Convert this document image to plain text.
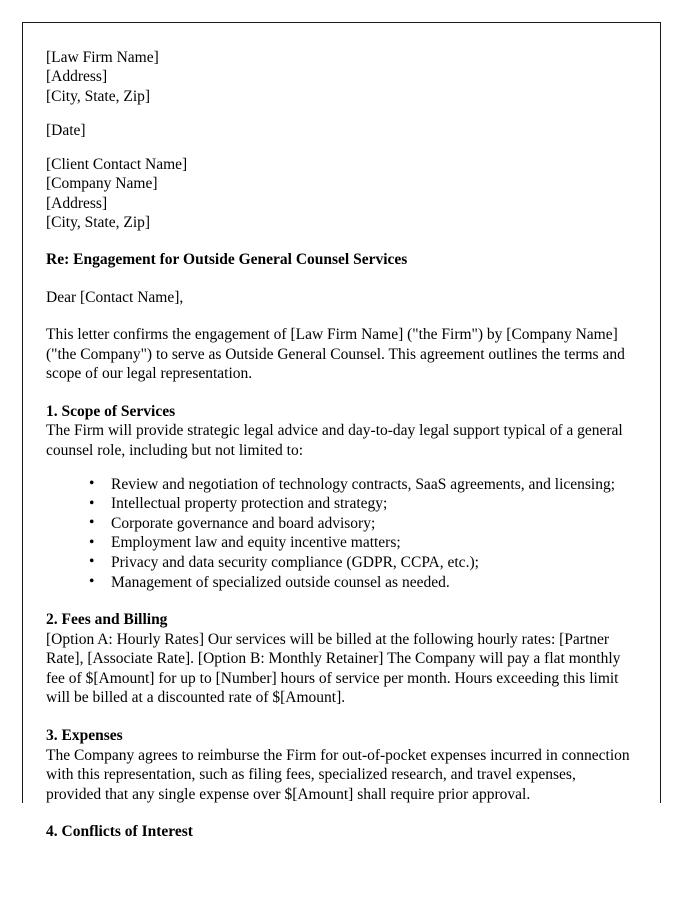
[Law Firm Name]
[Address]
[City, State, Zip]
[Date]
[Client Contact Name]
[Company Name]
[Address]
[City, State, Zip]
Re: Engagement for Outside General Counsel Services
Dear [Contact Name],
This letter confirms the engagement of [Law Firm Name] ("the Firm") by [Company Name] ("the Company") to serve as Outside General Counsel. This agreement outlines the terms and scope of our legal representation.
1. Scope of Services
The Firm will provide strategic legal advice and day-to-day legal support typical of a general counsel role, including but not limited to:
• Review and negotiation of technology contracts, SaaS agreements, and licensing;
• Intellectual property protection and strategy;
• Corporate governance and board advisory;
• Employment law and equity incentive matters;
• Privacy and data security compliance (GDPR, CCPA, etc.);
• Management of specialized outside counsel as needed.
2. Fees and Billing
[Option A: Hourly Rates] Our services will be billed at the following hourly rates: [Partner Rate], [Associate Rate]. [Option B: Monthly Retainer] The Company will pay a flat monthly fee of $[Amount] for up to [Number] hours of service per month. Hours exceeding this limit will be billed at a discounted rate of $[Amount].
3. Expenses
The Company agrees to reimburse the Firm for out-of-pocket expenses incurred in connection with this representation, such as filing fees, specialized research, and travel expenses, provided that any single expense over $[Amount] shall require prior approval.
4. Conflicts of Interest
